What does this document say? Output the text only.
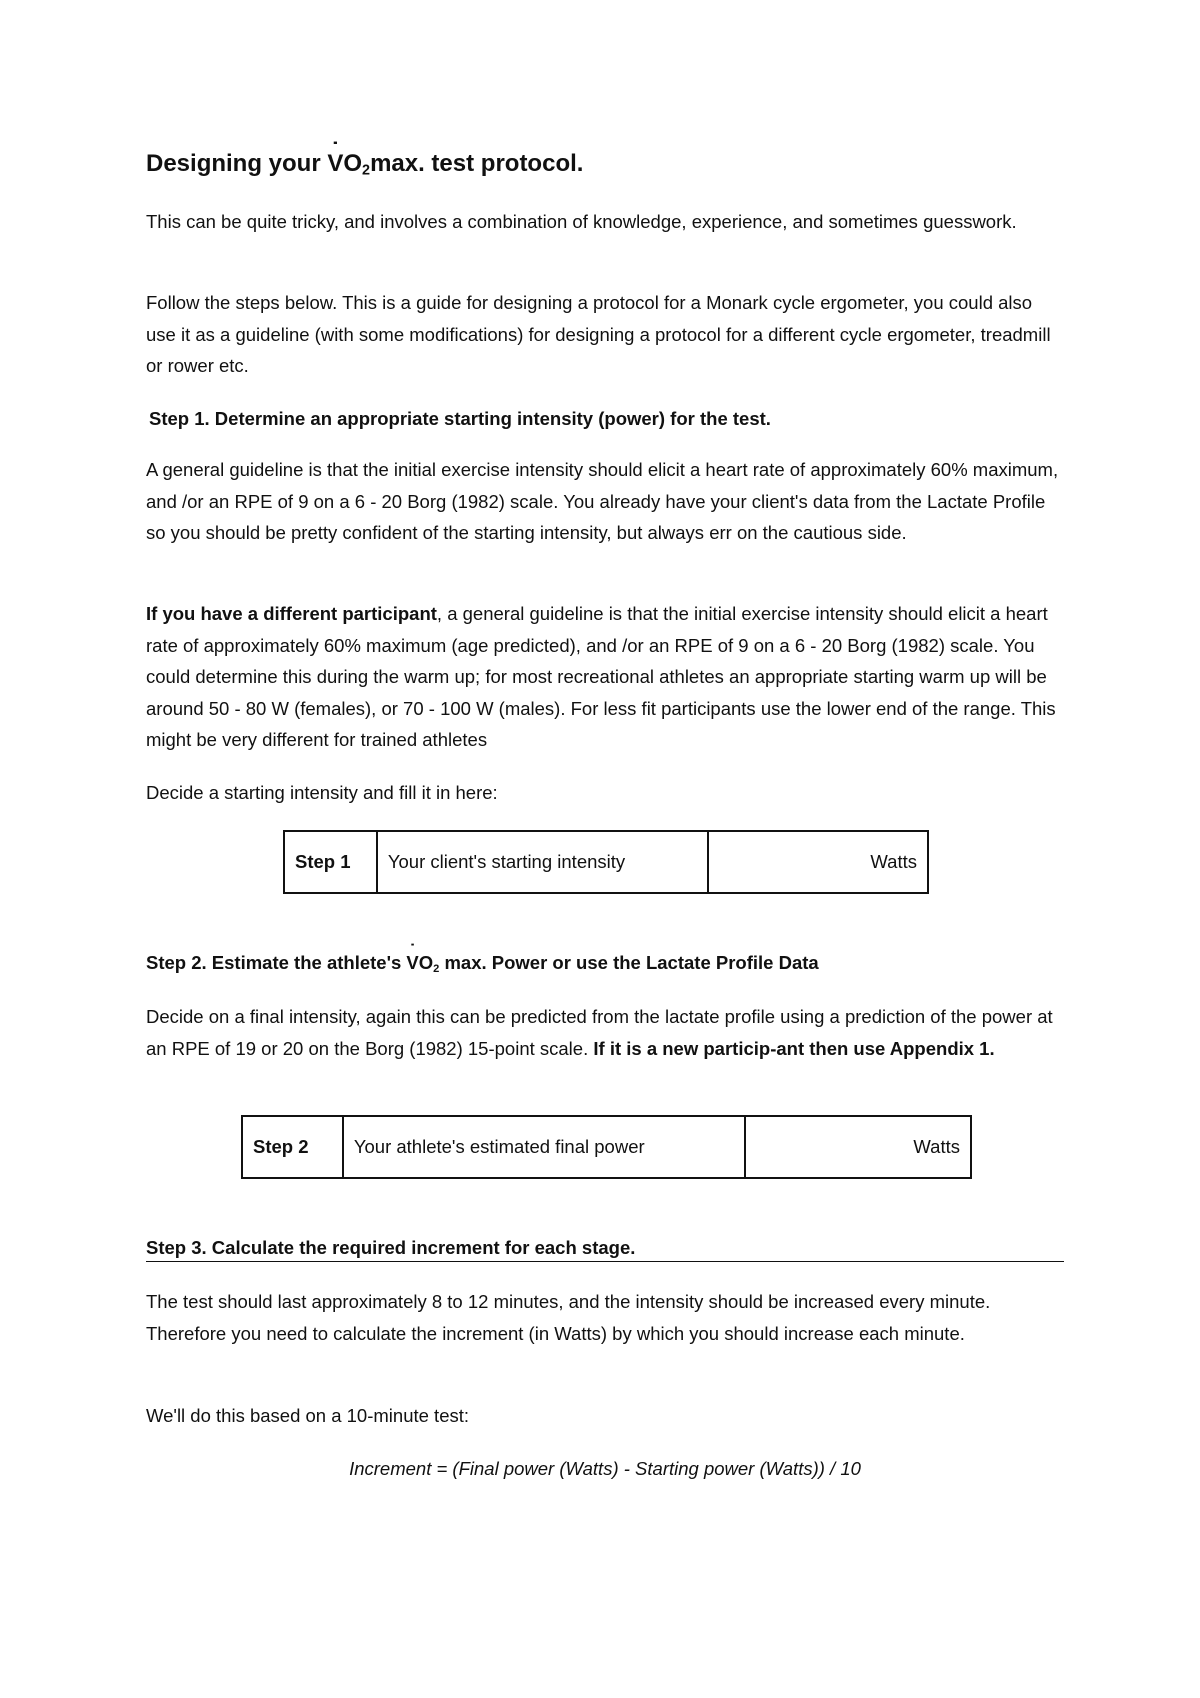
Designing your ˙ $VO_2\max$. test protocol.

This can be quite tricky, and involves a combination of knowledge, experience, and sometimes guesswork.

Follow the steps below. This is a guide for designing a protocol for a Monark cycle ergometer, you could also use it as a guideline (with some modifications) for designing a protocol for a different cycle ergometer, treadmill or rower etc.

Step 1. Determine an appropriate starting intensity (power) for the test.

A general guideline is that the initial exercise intensity should elicit a heart rate of approximately 60% maximum, and /or an RPE of 9 on a 6 - 20 Borg (1982) scale. You already have your client's data from the Lactate Profile so you should be pretty confident of the starting intensity, but always err on the cautious side.

If you have a different participant, a general guideline is that the initial exercise intensity should elicit a heart rate of approximately 60% maximum (age predicted), and /or an RPE of 9 on a 6 - 20 Borg (1982) scale. You could determine this during the warm up; for most recreational athletes an appropriate starting warm up will be around 50 - 80 W (females), or 70 - 100 W (males). For less fit participants use the lower end of the range. This might be very different for trained athletes

Decide a starting intensity and fill it in here:

Step 1	Your client's starting intensity	Watts

Step 2. Estimate the athlete's ˙ $VO_2$ max. Power or use the Lactate Profile Data

Decide on a final intensity, again this can be predicted from the lactate profile using a prediction of the power at an RPE of 19 or 20 on the Borg (1982) 15-point scale. If it is a new particip-ant then use Appendix 1.

Step 2	Your athlete's estimated final power	Watts

Step 3. Calculate the required increment for each stage.

The test should last approximately 8 to 12 minutes, and the intensity should be increased every minute. Therefore you need to calculate the increment (in Watts) by which you should increase each minute.

We'll do this based on a 10-minute test:

Increment = (Final power (Watts) - Starting power (Watts)) / 10
